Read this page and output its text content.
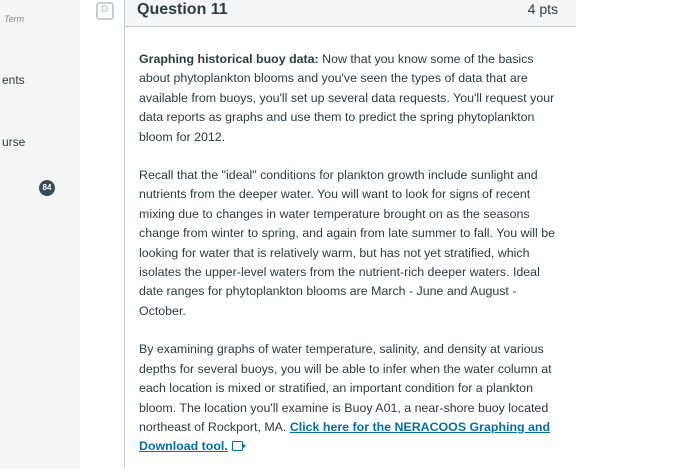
Term
ents
urse
84
D Question 11	4 pts

Graphing historical buoy data: Now that you know some of the basics about phytoplankton blooms and you've seen the types of data that are available from buoys, you'll set up several data requests. You'll request your data reports as graphs and use them to predict the spring phytoplankton bloom for 2012.

Recall that the "ideal" conditions for plankton growth include sunlight and nutrients from the deeper water. You will want to look for signs of recent mixing due to changes in water temperature brought on as the seasons change from winter to spring, and again from late summer to fall. You will be looking for water that is relatively warm, but has not yet stratified, which isolates the upper-level waters from the nutrient-rich deeper waters. Ideal date ranges for phytoplankton blooms are March - June and August - October.

By examining graphs of water temperature, salinity, and density at various depths for several buoys, you will be able to infer when the water column at each location is mixed or stratified, an important condition for a plankton bloom. The location you'll examine is Buoy A01, a near-shore buoy located northeast of Rockport, MA. Click here for the NERACOOS Graphing and Download tool.
